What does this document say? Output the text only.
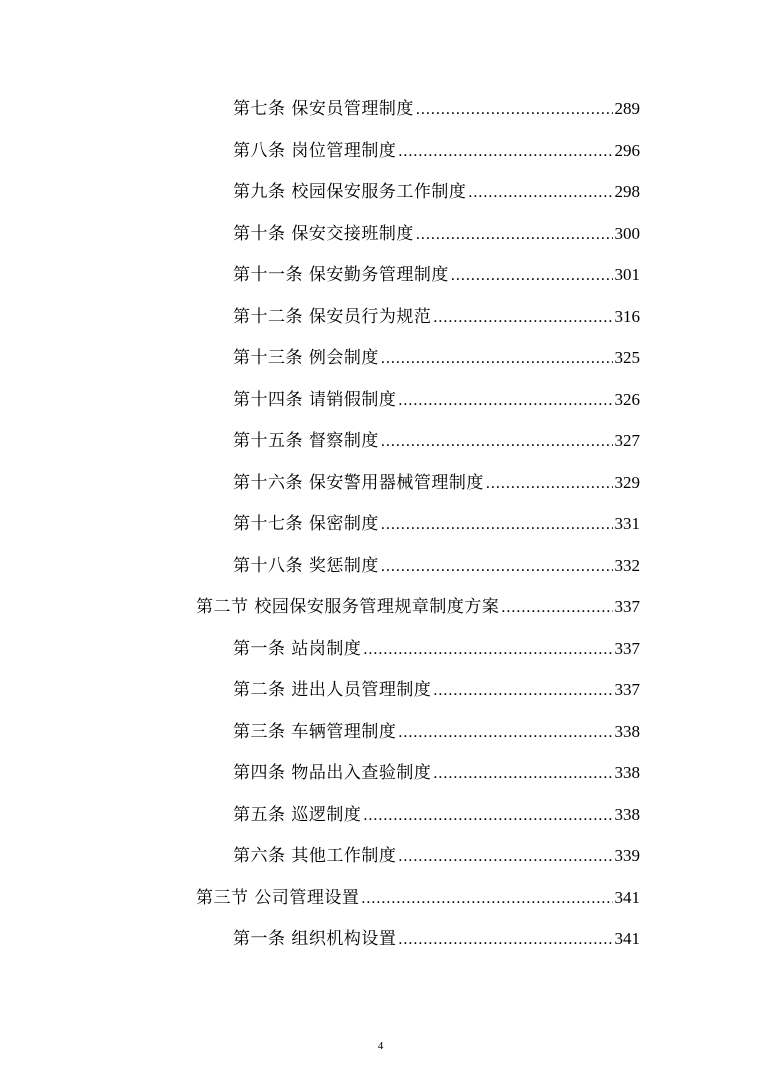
第七条 保安员管理制度 .....	289
第八条 岗位管理制度 .....	296
第九条 校园保安服务工作制度 .....	298
第十条 保安交接班制度 .....	300
第十一条 保安勤务管理制度 .....	301
第十二条 保安员行为规范 .....	316
第十三条 例会制度 .....	325
第十四条 请销假制度 .....	326
第十五条 督察制度 .....	327
第十六条 保安警用器械管理制度 .....	329
第十七条 保密制度 .....	331
第十八条 奖惩制度 .....	332
第二节 校园保安服务管理规章制度方案 .....	337
第一条 站岗制度 .....	337
第二条 进出人员管理制度 .....	337
第三条 车辆管理制度 .....	338
第四条 物品出入查验制度 .....	338
第五条 巡逻制度 .....	338
第六条 其他工作制度 .....	339
第三节 公司管理设置 .....	341
第一条 组织机构设置 .....	341
4
